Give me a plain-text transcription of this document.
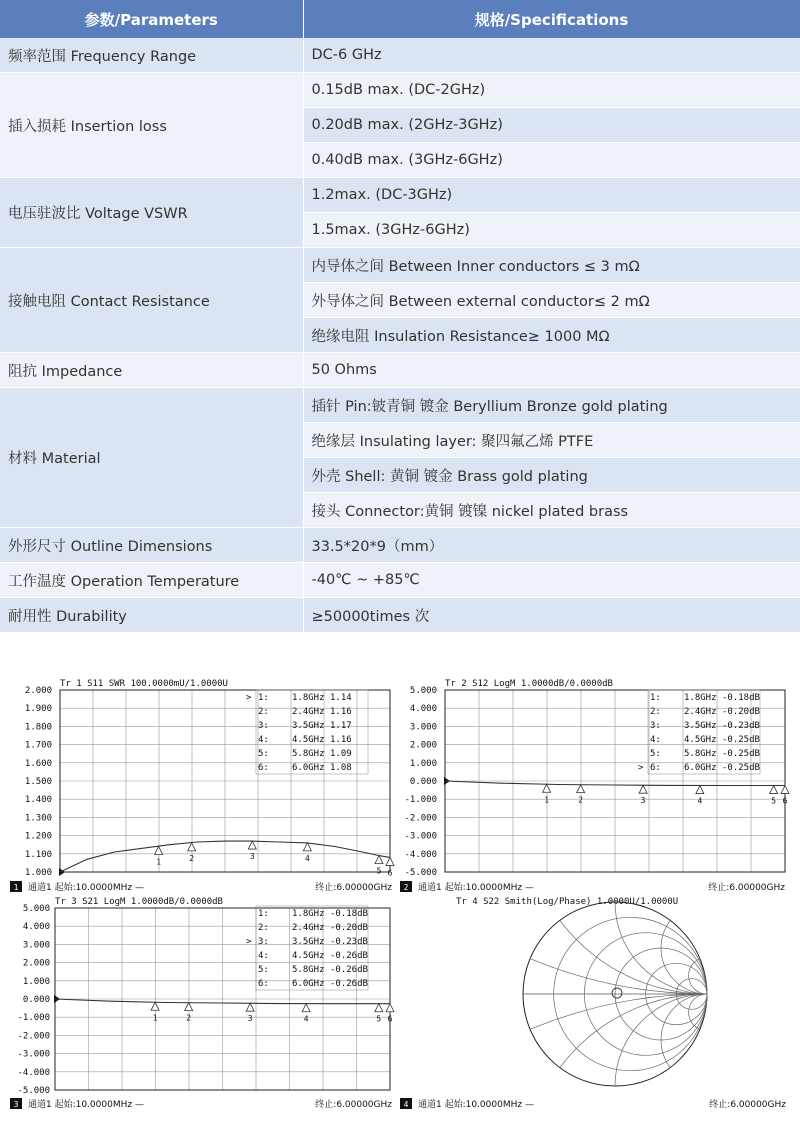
参数/Parameters	规格/Specifications
频率范围 Frequency Range	DC-6 GHz
插入损耗 Insertion loss	0.15dB max. (DC-2GHz)
	0.20dB max. (2GHz-3GHz)
	0.40dB max. (3GHz-6GHz)
电压驻波比 Voltage VSWR	1.2max. (DC-3GHz)
	1.5max. (3GHz-6GHz)
接触电阻 Contact Resistance	内导体之间 Between Inner conductors ≤ 3 mΩ
	外导体之间 Between external conductor≤ 2 mΩ
	绝缘电阻 Insulation Resistance≥ 1000 MΩ
阻抗 Impedance	50 Ohms
材料 Material	插针 Pin:铍青铜 镀金 Beryllium Bronze gold plating
	绝缘层 Insulating layer: 聚四氟乙烯 PTFE
	外壳 Shell: 黄铜 镀金 Brass gold plating
	接头 Connector:黄铜 镀镍 nickel plated brass
外形尺寸 Outline Dimensions	33.5*20*9（mm）
工作温度 Operation Temperature	-40℃ ~ +85℃
耐用性 Durability	≥50000times 次
Tr 1 S11 SWR 100.0000mU/1.0000U
2.000
1.900
1.800
1.700
1.600
1.500
1.400
1.300
1.200
1.100
1.000
1	2	3	4
5 6
> 1:	1.8GHz 1.14
2:	2.4GHz 1.16
3:	3.5GHz 1.17
4:	4.5GHz 1.16
5:	5.8GHz 1.09
6:	6.0GHz 1.08
1 通道1 起始:10.0000MHz —	终止:6.00000GHz
Tr 2 S12 LogM 1.0000dB/0.0000dB
5.000
4.000
3.000
2.000
1.000
0.000
-1.000
-2.000
-3.000
-4.000
-5.000
1	2	3	4	5 6
1:	1.8GHz -0.18dB
2:	2.4GHz -0.20dB
3:	3.5GHz -0.23dB
4:	4.5GHz -0.25dB
5:	5.8GHz -0.25dB
> 6:	6.0GHz -0.25dB
2 通道1 起始:10.0000MHz —	终止:6.00000GHz
Tr 3 S21 LogM 1.0000dB/0.0000dB
5.000
4.000
3.000
2.000
1.000
0.000
-1.000
-2.000
-3.000
-4.000
-5.000
1	2	3	4	5 6
1:	1.8GHz -0.18dB
2:	2.4GHz -0.20dB
> 3:	3.5GHz -0.23dB
4:	4.5GHz -0.26dB
5:	5.8GHz -0.26dB
6:	6.0GHz -0.26dB
3 通道1 起始:10.0000MHz —	终止:6.00000GHz
Tr 4 S22 Smith(Log/Phase) 1.0000U/1.0000U
4 通道1 起始:10.0000MHz —	终止:6.00000GHz
